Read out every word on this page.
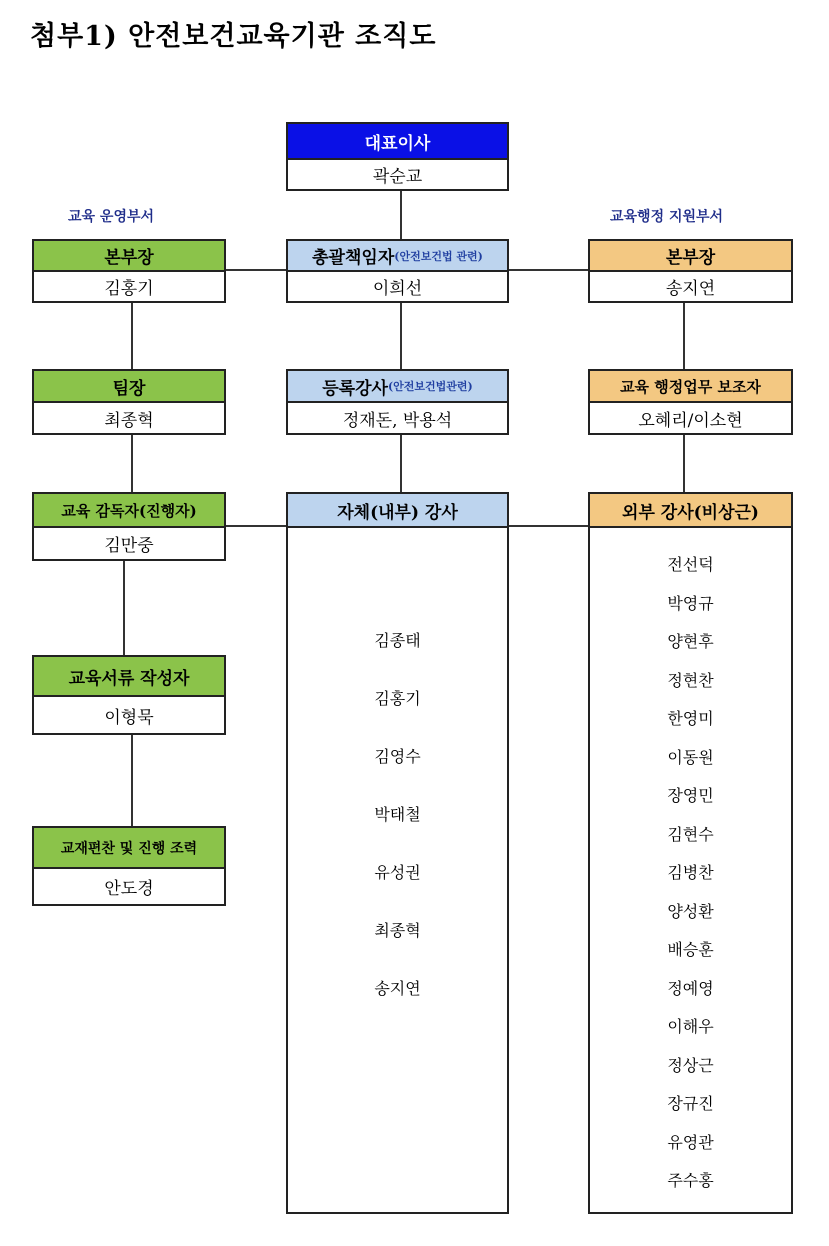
첨부1) 안전보건교육기관 조직도
교육 운영부서	교육행정 지원부서
대표이사
곽순교
본부장
김홍기
팀장
최종혁
교육 감독자(진행자)
김만중
교육서류 작성자
이형묵
교재편찬 및 진행 조력
안도경
총괄책임자 (안전보건법 관련)
이희선
등록강사 (안전보건법관련)
정재돈, 박용석
자체(내부) 강사
김종태
김홍기
김영수
박태철
유성권
최종혁
송지연
본부장
송지연
교육 행정업무 보조자
오혜리/이소현
외부 강사(비상근)
전선덕
박영규
양현후
정현찬
한영미
이동원
장영민
김현수
김병찬
양성환
배승훈
정예영
이해우
정상근
장규진
유영관
주수홍
